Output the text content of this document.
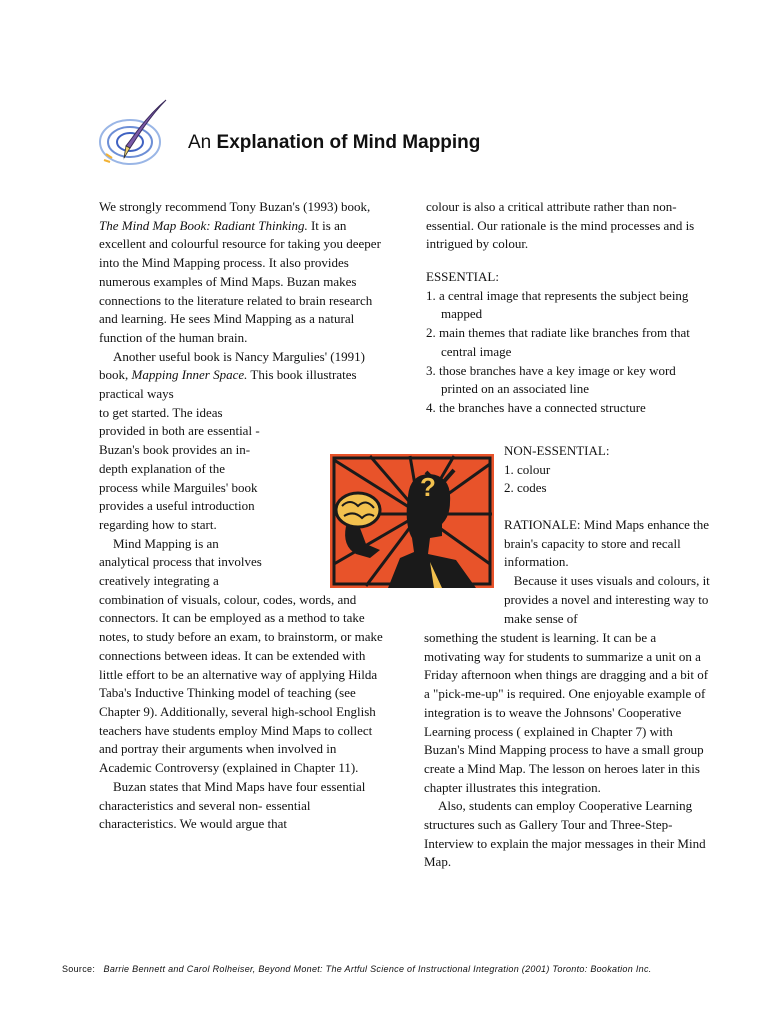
An Explanation of Mind Mapping
We strongly recommend Tony Buzan's (1993) book,
The Mind Map Book: Radiant Thinking. It is an
excellent and colourful resource for taking you deeper
into the Mind Mapping process. It also provides
numerous examples of Mind Maps. Buzan makes
connections to the literature related to brain research
and learning. He sees Mind Mapping as a natural
function of the human brain.
Another useful book is Nancy Margulies' (1991)
book, Mapping Inner Space. This book illustrates
practical ways
to get started. The ideas
provided in both are essential -
Buzan's book provides an in-
depth explanation of the
process while Marguiles' book
provides a useful introduction
regarding how to start.
Mind Mapping is an
analytical process that involves
creatively integrating a
combination of visuals, colour, codes, words, and
connectors. It can be employed as a method to take
notes, to study before an exam, to brainstorm, or make
connections between ideas. It can be extended with
little effort to be an alternative way of applying Hilda
Taba's Inductive Thinking model of teaching (see
Chapter 9). Additionally, several high-school English
teachers have students employ Mind Maps to collect
and portray their arguments when involved in
Academic Controversy (explained in Chapter 11).
Buzan states that Mind Maps have four essential
characteristics and several non- essential
characteristics. We would argue that
colour is also a critical attribute rather than non-
essential. Our rationale is the mind processes and is
intrigued by colour.
ESSENTIAL:
1. a central image that represents the subject being
mapped
2. main themes that radiate like branches from that
central image
3. those branches have a key image or key word
printed on an associated line
4. the branches have a connected structure
NON-ESSENTIAL:
1. colour
2. codes
RATIONALE: Mind Maps enhance the
brain's capacity to store and recall
information.
Because it uses visuals and colours, it
provides a novel and interesting way to
make sense of
something the student is learning. It can be a
motivating way for students to summarize a unit on a
Friday afternoon when things are dragging and a bit of
a "pick-me-up" is required. One enjoyable example of
integration is to weave the Johnsons' Cooperative
Learning process ( explained in Chapter 7) with
Buzan's Mind Mapping process to have a small group
create a Mind Map. The lesson on heroes later in this
chapter illustrates this integration.
Also, students can employ Cooperative Learning
structures such as Gallery Tour and Three-Step-
Interview to explain the major messages in their Mind
Map.
?
Source: Barrie Bennett and Carol Rolheiser, Beyond Monet: The Artful Science of Instructional Integration (2001) Toronto: Bookation Inc.
